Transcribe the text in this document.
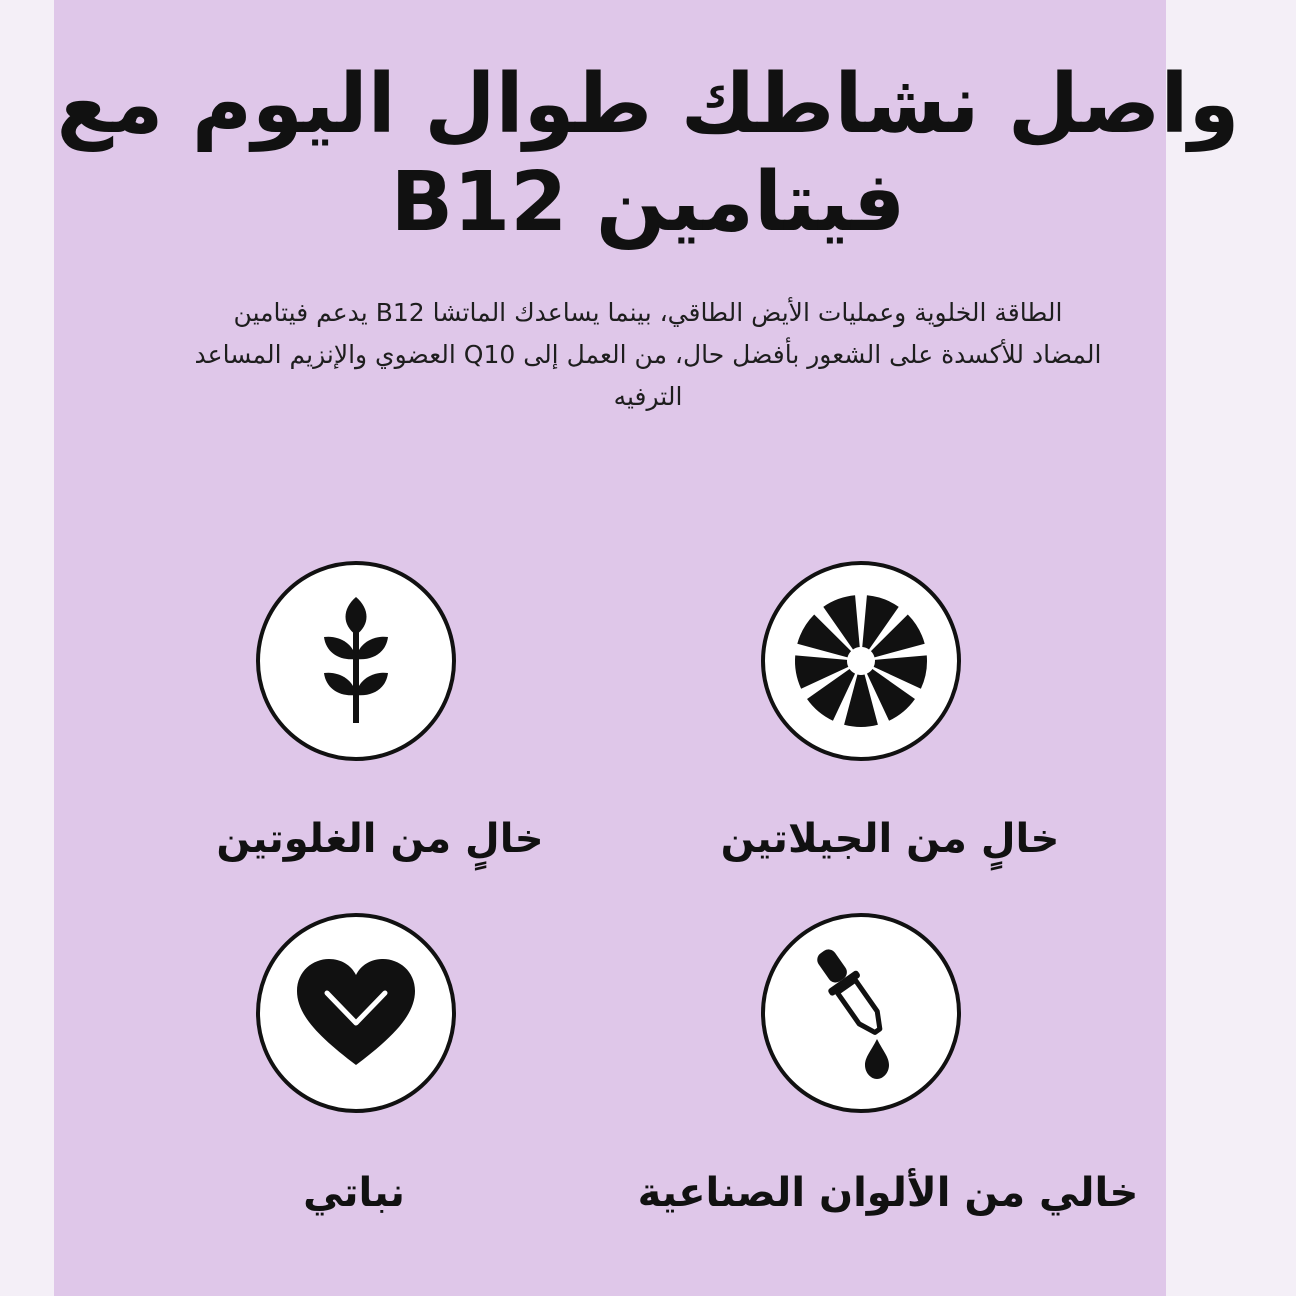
واصل نشاطك طوال اليوم مع
فيتامين B12

الطاقة الخلوية وعمليات الأيض الطاقي، بينما يساعدك الماتشا B12 يدعم فيتامين
المضاد للأكسدة على الشعور بأفضل حال، من العمل إلى Q10 العضوي والإنزيم المساعد
الترفيه

خالٍ من الغلوتين	خالٍ من الجيلاتين

نباتي	خالي من الألوان الصناعية
